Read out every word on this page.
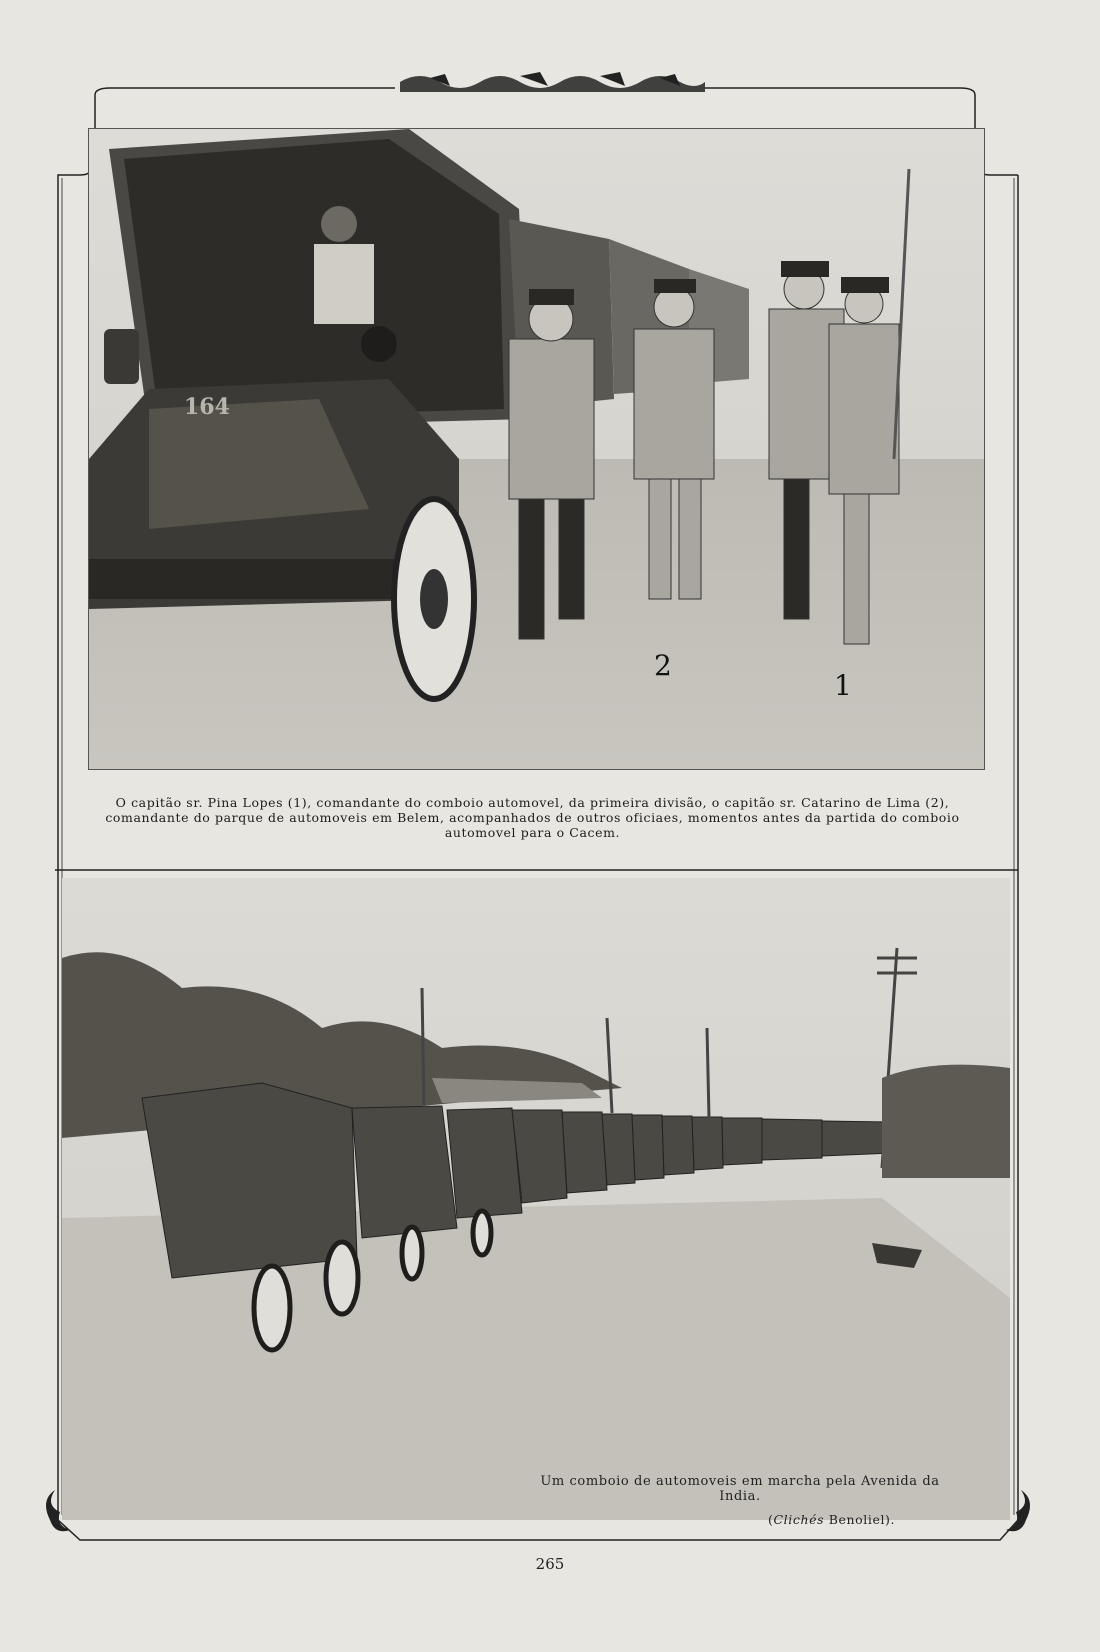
164
2
1
O capitão sr. Pina Lopes (1), comandante do comboio automovel, da primeira divisão, o capitão sr. Catarino de Lima (2), comandante do parque de automoveis em Belem, acompanhados de outros oficiaes, momentos antes da partida do comboio automovel para o Cacem.
Um comboio de automoveis em marcha pela Avenida da India.
(Clichés Benoliel).
265
